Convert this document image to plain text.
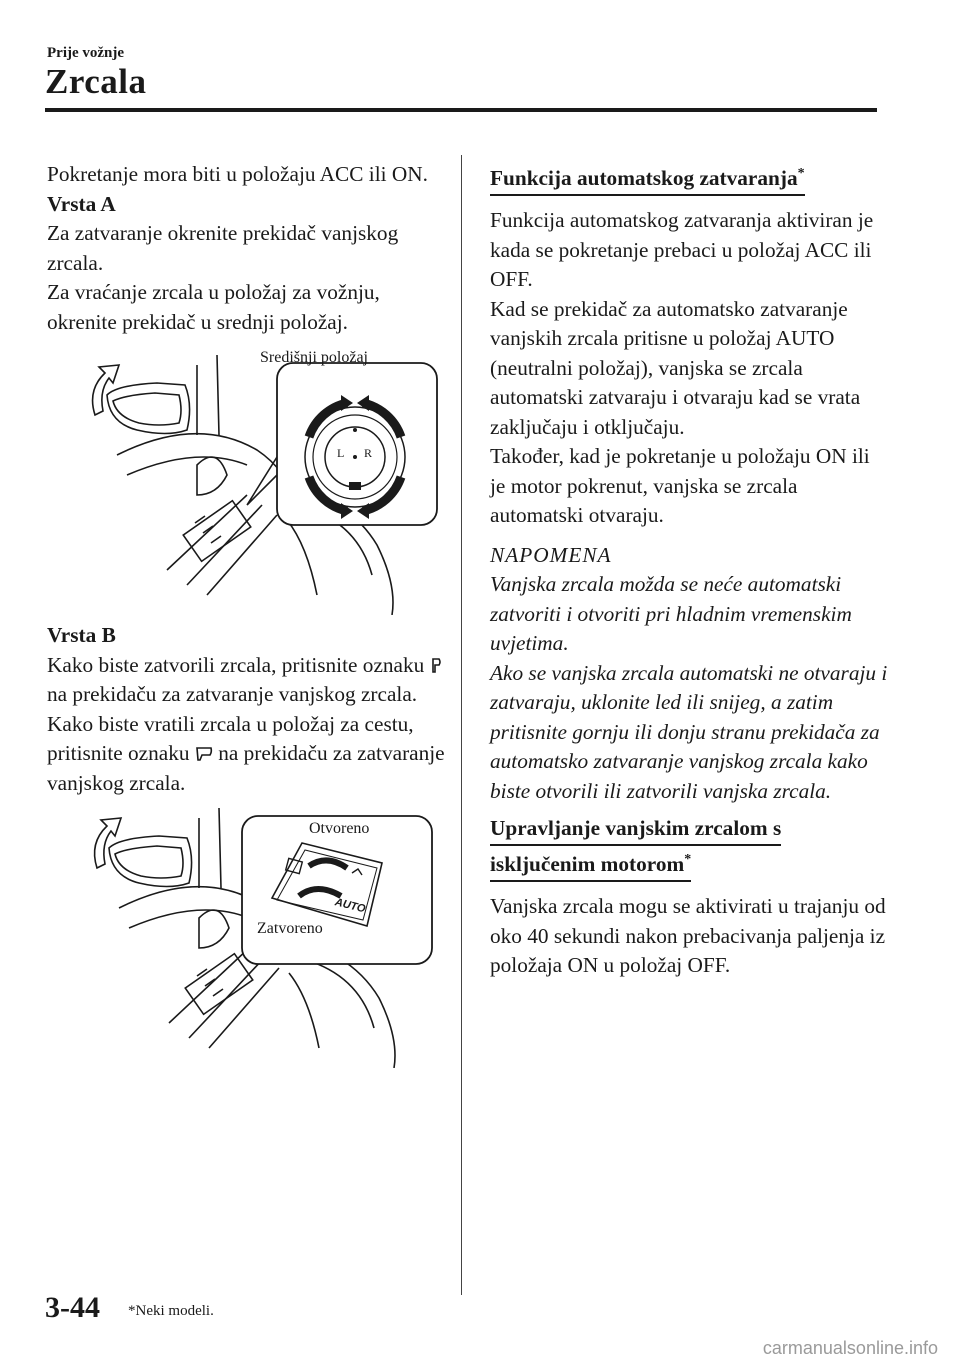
Prije vožnje
Zrcala

Pokretanje mora biti u položaju ACC ili ON.

Vrsta A

Za zatvaranje okrenite prekidač vanjskog zrcala.

Za vraćanje zrcala u položaj za vožnju, okrenite prekidač u srednji položaj.

Središnji položaj
L R

Vrsta B

Kako biste zatvorili zrcala, pritisnite oznaku  na prekidaču za zatvaranje vanjskog zrcala.

Kako biste vratili zrcala u položaj za cestu, pritisnite oznaku na prekidaču za zatvaranje vanjskog zrcala.

AUTO
Otvoreno
Zatvoreno
Funkcija automatskog zatvaranja*

Funkcija automatskog zatvaranja aktiviran je kada se pokretanje prebaci u položaj ACC ili OFF.

Kad se prekidač za automatsko zatvaranje vanjskih zrcala pritisne u položaj AUTO (neutralni položaj), vanjska se zrcala automatski zatvaraju i otvaraju kad se vrata zaključaju i otključaju.

Također, kad je pokretanje u položaju ON ili je motor pokrenut, vanjska se zrcala automatski otvaraju.

NAPOMENA

Vanjska zrcala možda se neće automatski zatvoriti i otvoriti pri hladnim vremenskim uvjetima.

Ako se vanjska zrcala automatski ne otvaraju i zatvaraju, uklonite led ili snijeg, a zatim pritisnite gornju ili donju stranu prekidača za automatsko zatvaranje vanjskog zrcala kako biste otvorili ili zatvorili vanjska zrcala.

Upravljanje vanjskim zrcalom s
isključenim motorom*

Vanjska zrcala mogu se aktivirati u trajanju od oko 40 sekundi nakon prebacivanja paljenja iz položaja ON u položaj OFF.

3-44 *Neki modeli.
carmanualsonline.info
